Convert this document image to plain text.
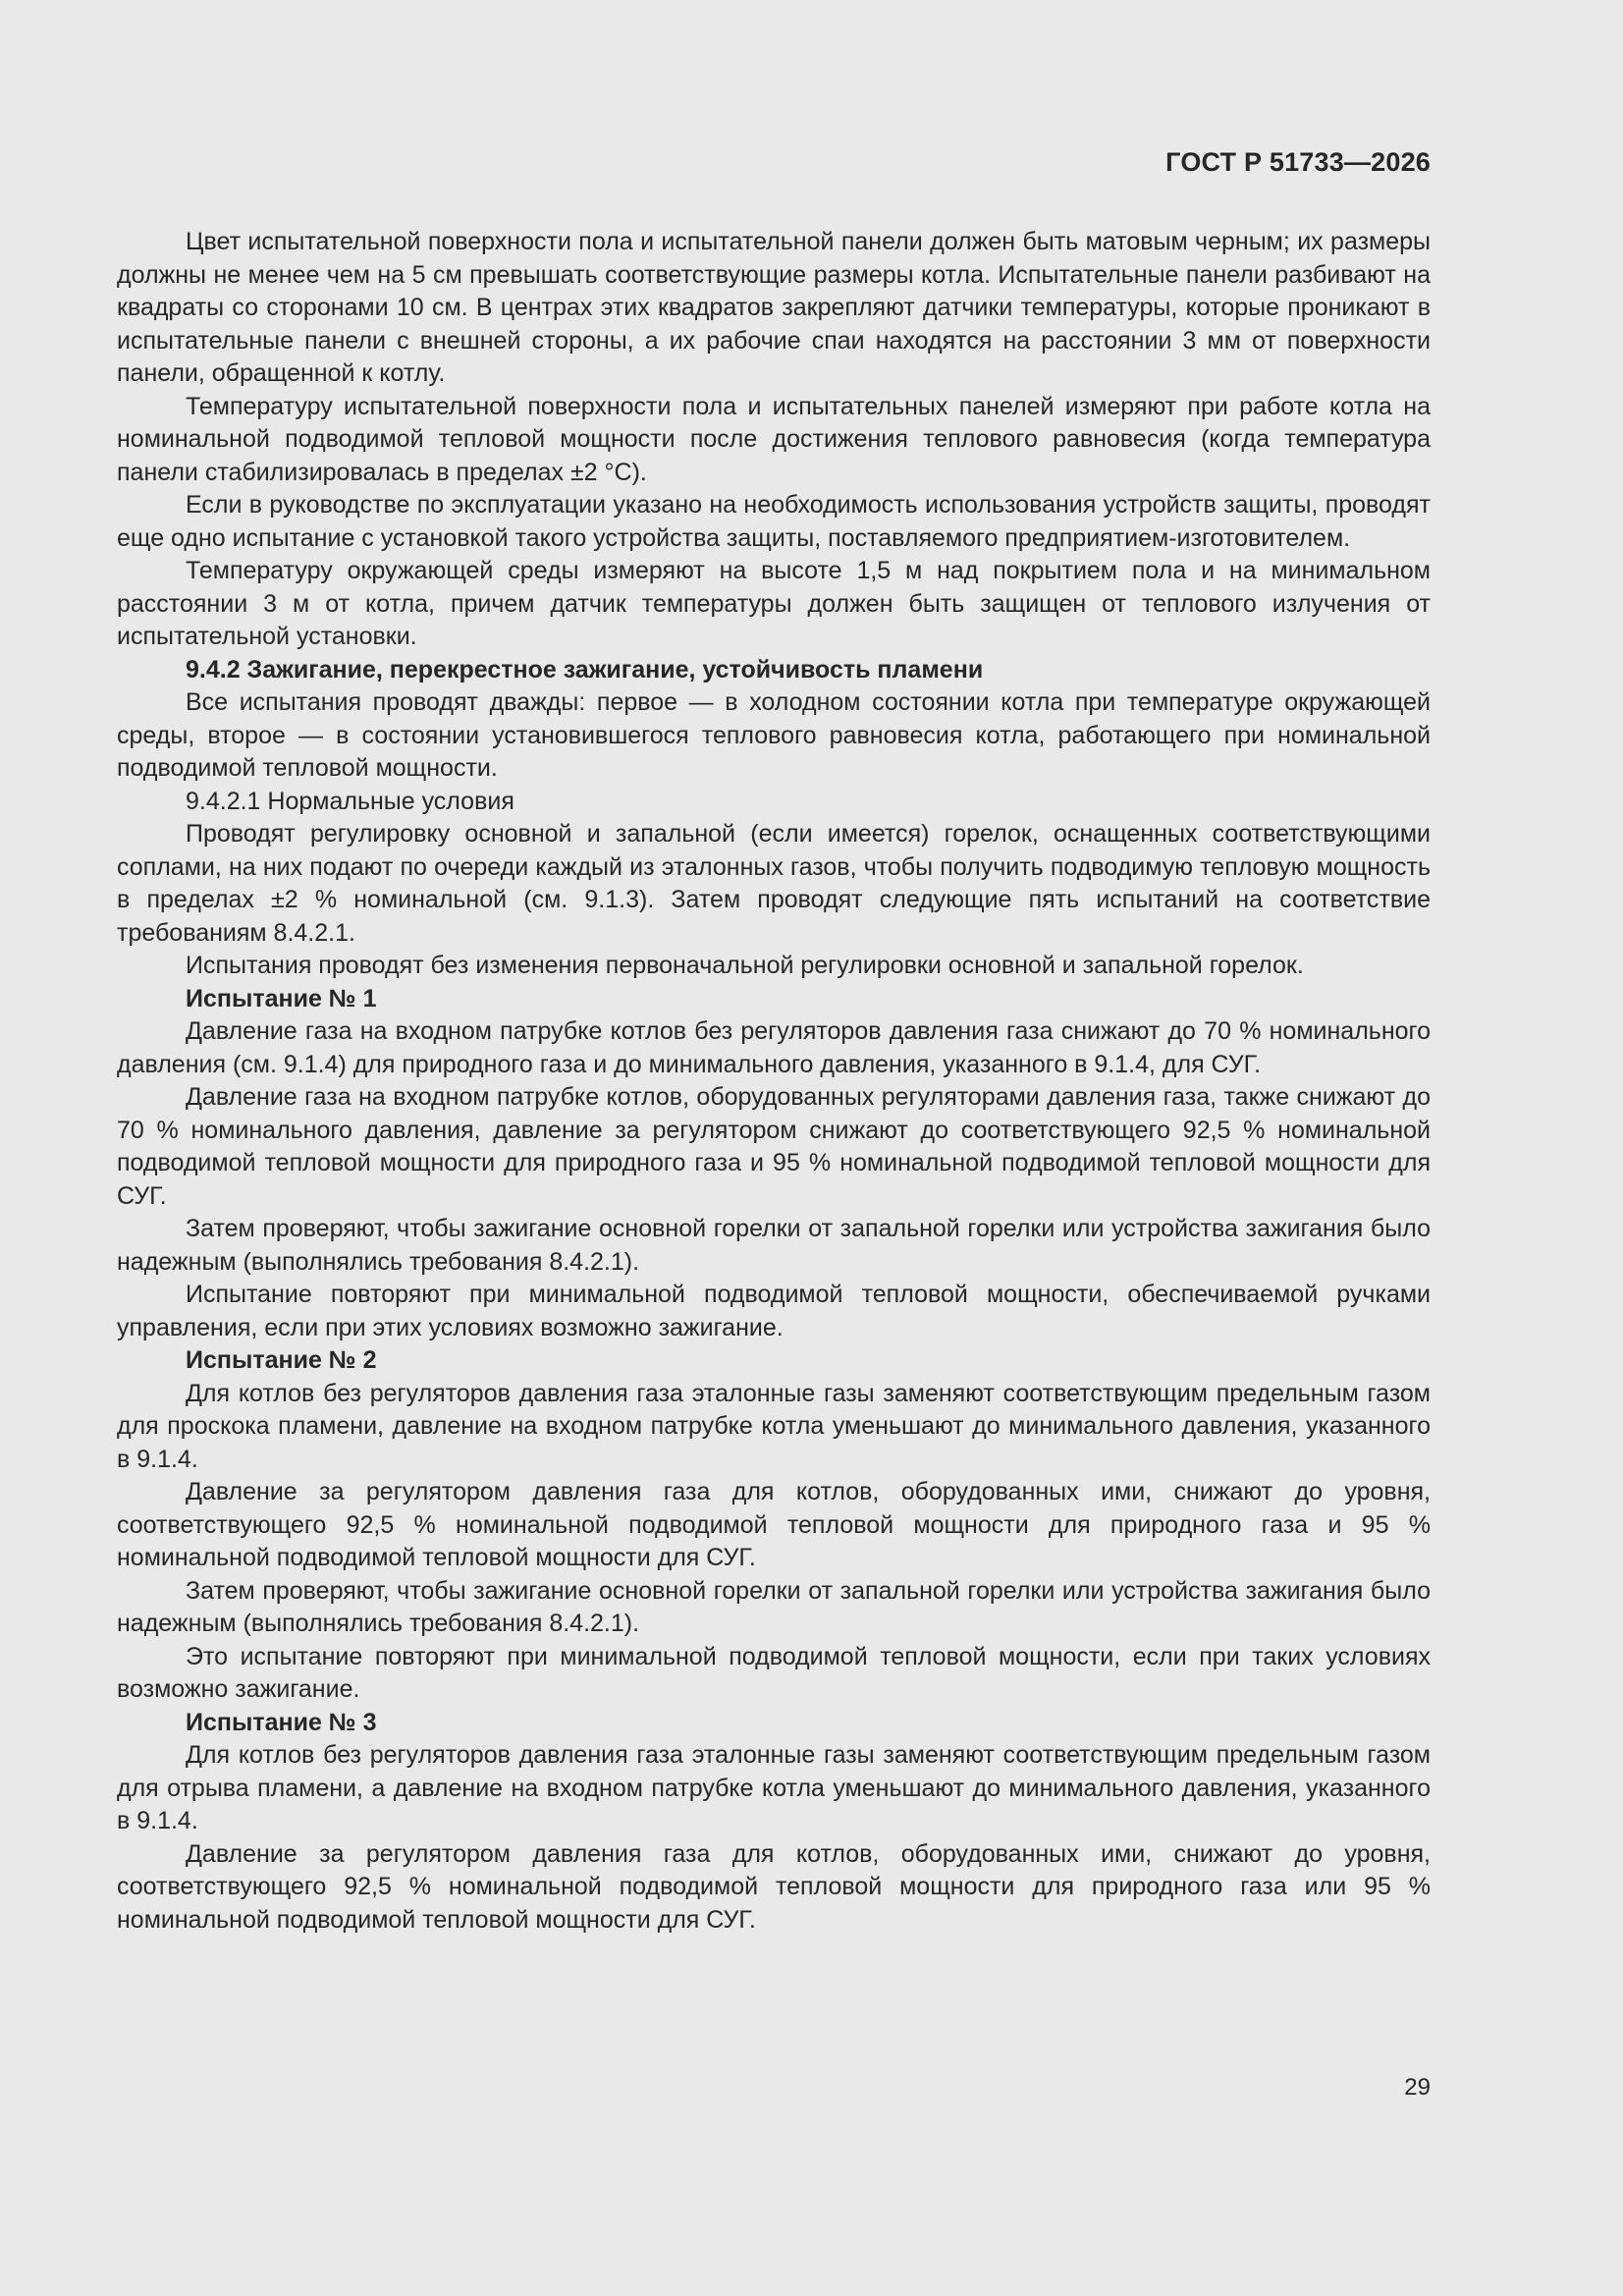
ГОСТ Р 51733—2026

Цвет испытательной поверхности пола и испытательной панели должен быть матовым черным; их размеры должны не менее чем на 5 см превышать соответствующие размеры котла. Испытательные панели разбивают на квадраты со сторонами 10 см. В центрах этих квадратов закрепляют датчики температуры, которые проникают в испытательные панели с внешней стороны, а их рабочие спаи находятся на расстоянии 3 мм от поверхности панели, обращенной к котлу.

Температуру испытательной поверхности пола и испытательных панелей измеряют при работе котла на номинальной подводимой тепловой мощности после достижения теплового равновесия (когда температура панели стабилизировалась в пределах ±2 °С).

Если в руководстве по эксплуатации указано на необходимость использования устройств защиты, проводят еще одно испытание с установкой такого устройства защиты, поставляемого предприятием-изготовителем.

Температуру окружающей среды измеряют на высоте 1,5 м над покрытием пола и на минимальном расстоянии 3 м от котла, причем датчик температуры должен быть защищен от теплового излучения от испытательной установки.

9.4.2 Зажигание, перекрестное зажигание, устойчивость пламени

Все испытания проводят дважды: первое — в холодном состоянии котла при температуре окружающей среды, второе — в состоянии установившегося теплового равновесия котла, работающего при номинальной подводимой тепловой мощности.

9.4.2.1 Нормальные условия

Проводят регулировку основной и запальной (если имеется) горелок, оснащенных соответствующими соплами, на них подают по очереди каждый из эталонных газов, чтобы получить подводимую тепловую мощность в пределах ±2 % номинальной (см. 9.1.3). Затем проводят следующие пять испытаний на соответствие требованиям 8.4.2.1.

Испытания проводят без изменения первоначальной регулировки основной и запальной горелок.

Испытание № 1

Давление газа на входном патрубке котлов без регуляторов давления газа снижают до 70 % номинального давления (см. 9.1.4) для природного газа и до минимального давления, указанного в 9.1.4, для СУГ.

Давление газа на входном патрубке котлов, оборудованных регуляторами давления газа, также снижают до 70 % номинального давления, давление за регулятором снижают до соответствующего 92,5 % номинальной подводимой тепловой мощности для природного газа и 95 % номинальной подводимой тепловой мощности для СУГ.

Затем проверяют, чтобы зажигание основной горелки от запальной горелки или устройства зажигания было надежным (выполнялись требования 8.4.2.1).

Испытание повторяют при минимальной подводимой тепловой мощности, обеспечиваемой ручками управления, если при этих условиях возможно зажигание.

Испытание № 2

Для котлов без регуляторов давления газа эталонные газы заменяют соответствующим предельным газом для проскока пламени, давление на входном патрубке котла уменьшают до минимального давления, указанного в 9.1.4.

Давление за регулятором давления газа для котлов, оборудованных ими, снижают до уровня, соответствующего 92,5 % номинальной подводимой тепловой мощности для природного газа и 95 % номинальной подводимой тепловой мощности для СУГ.

Затем проверяют, чтобы зажигание основной горелки от запальной горелки или устройства зажигания было надежным (выполнялись требования 8.4.2.1).

Это испытание повторяют при минимальной подводимой тепловой мощности, если при таких условиях возможно зажигание.

Испытание № 3

Для котлов без регуляторов давления газа эталонные газы заменяют соответствующим предельным газом для отрыва пламени, а давление на входном патрубке котла уменьшают до минимального давления, указанного в 9.1.4.

Давление за регулятором давления газа для котлов, оборудованных ими, снижают до уровня, соответствующего 92,5 % номинальной подводимой тепловой мощности для природного газа или 95 % номинальной подводимой тепловой мощности для СУГ.

29
